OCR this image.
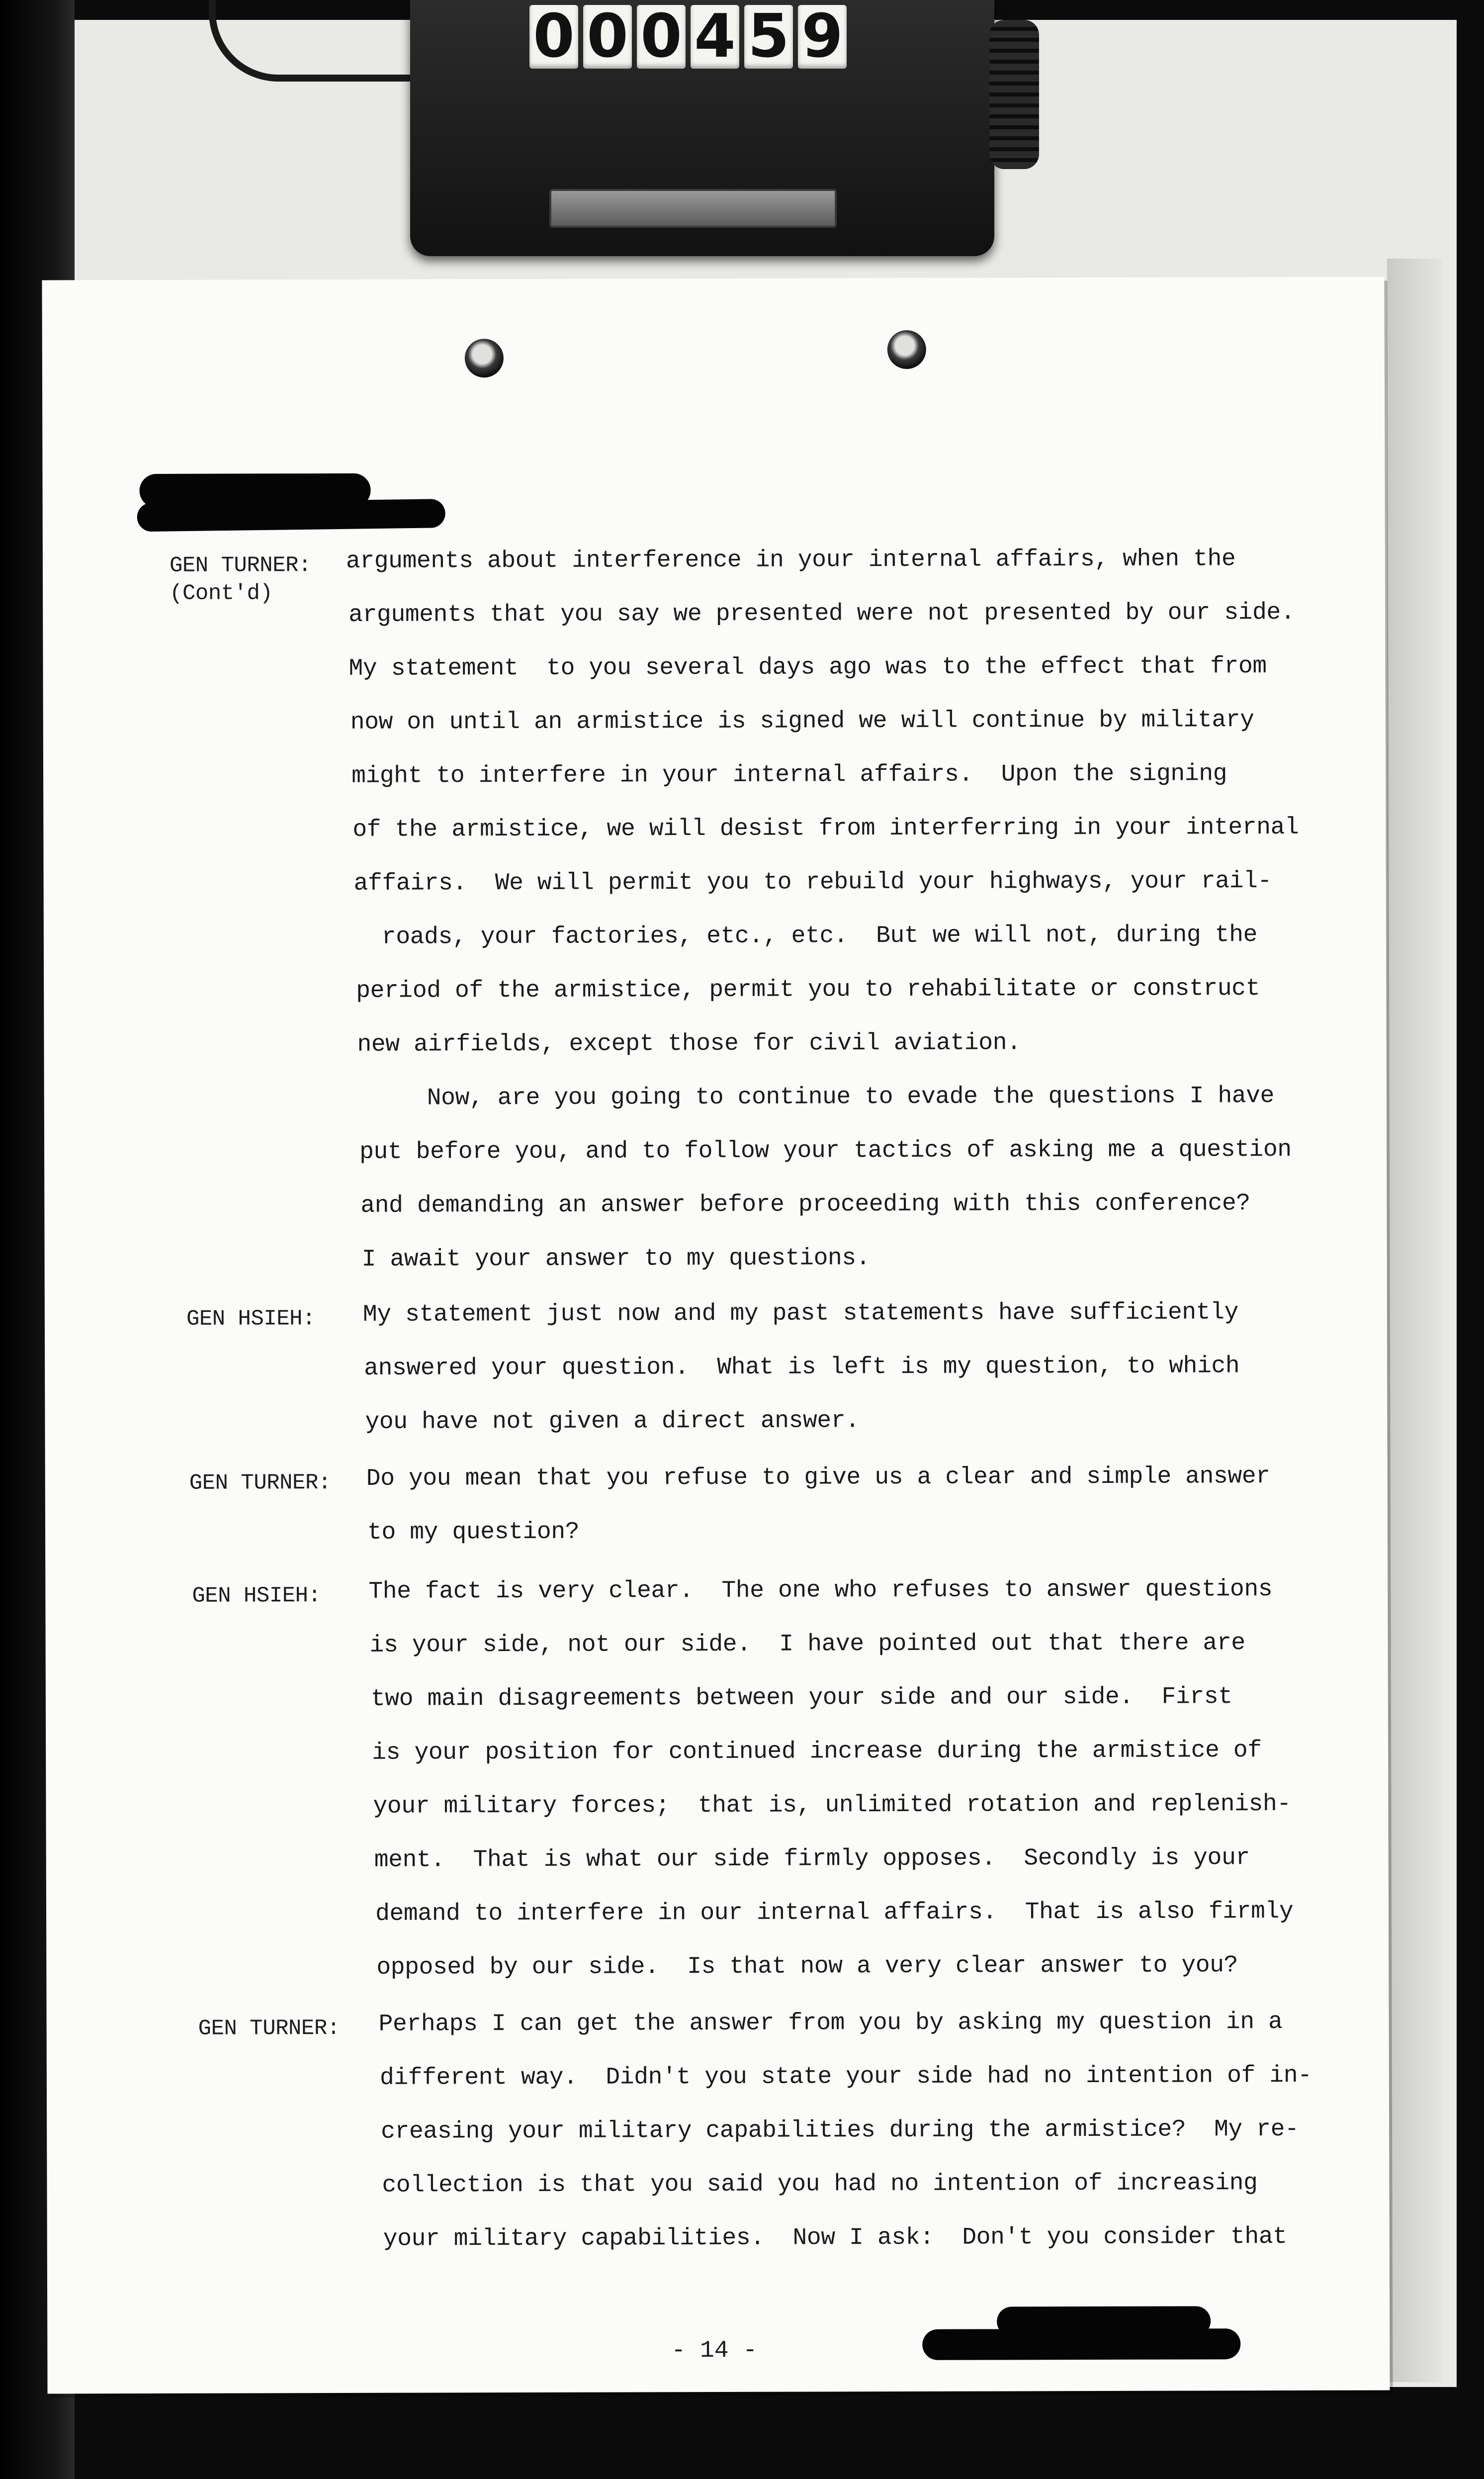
0 0 0 4 5 9
GEN TURNER:
(Cont'd)
arguments about interference in your internal affairs, when the
arguments that you say we presented were not presented by our side.
My statement  to you several days ago was to the effect that from
now on until an armistice is signed we will continue by military
might to interfere in your internal affairs.  Upon the signing
of the armistice, we will desist from interferring in your internal
affairs.  We will permit you to rebuild your highways, your rail-
roads, your factories, etc., etc.  But we will not, during the
period of the armistice, permit you to rehabilitate or construct
new airfields, except those for civil aviation.
Now, are you going to continue to evade the questions I have
put before you, and to follow your tactics of asking me a question
and demanding an answer before proceeding with this conference?
I await your answer to my questions.
GEN HSIEH: My statement just now and my past statements have sufficiently
answered your question.  What is left is my question, to which
you have not given a direct answer.
GEN TURNER: Do you mean that you refuse to give us a clear and simple answer
to my question?
GEN HSIEH: The fact is very clear.  The one who refuses to answer questions
is your side, not our side.  I have pointed out that there are
two main disagreements between your side and our side.  First
is your position for continued increase during the armistice of
your military forces;  that is, unlimited rotation and replenish-
ment.  That is what our side firmly opposes.  Secondly is your
demand to interfere in our internal affairs.  That is also firmly
opposed by our side.  Is that now a very clear answer to you?
GEN TURNER: Perhaps I can get the answer from you by asking my question in a
different way.  Didn't you state your side had no intention of in-
creasing your military capabilities during the armistice?  My re-
collection is that you said you had no intention of increasing
your military capabilities.  Now I ask:  Don't you consider that
- 14 -
